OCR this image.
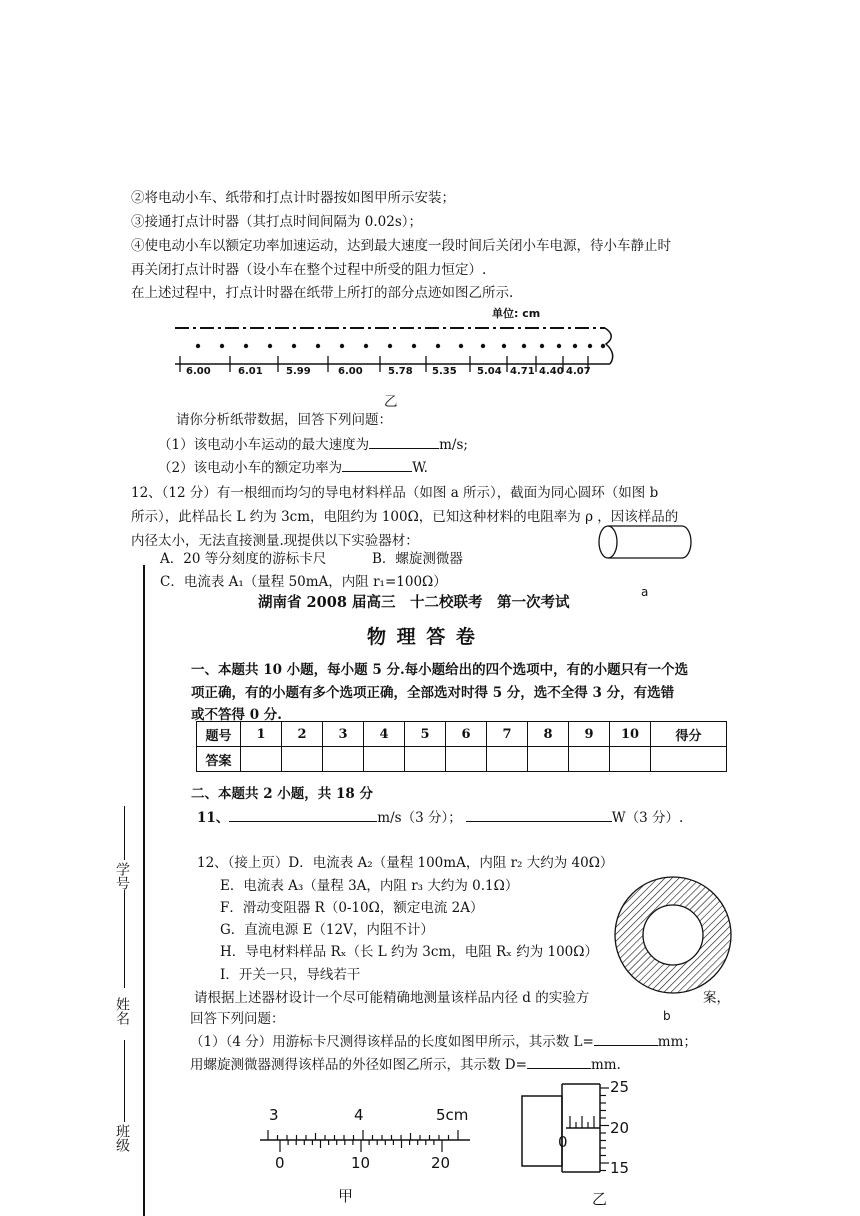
②将电动小车、纸带和打点计时器按如图甲所示安装；
③接通打点计时器（其打点时间间隔为 0.02s）；
④使电动小车以额定功率加速运动，达到最大速度一段时间后关闭小车电源，待小车静止时
再关闭打点计时器（设小车在整个过程中所受的阻力恒定）.
在上述过程中，打点计时器在纸带上所打的部分点迹如图乙所示.
单位: cm
6.00	6.01 5.99	6.00	5.78 5.35 5.04 4.71 4.40 4.07
乙
请你分析纸带数据，回答下列问题：
（1）该电动小车运动的最大速度为	m/s;
（2）该电动小车的额定功率为	W.
12、（12 分）有一根细而均匀的导电材料样品（如图 a 所示），截面为同心圆环（如图 b
所示），此样品长 L 约为 3cm，电阻约为 100Ω，已知这种材料的电阻率为 ρ ，因该样品的
内径太小，无法直接测量.现提供以下实验器材：
A．20 等分刻度的游标卡尺	B．螺旋测微器
C．电流表 A₁（量程 50mA，内阻 r₁=100Ω）
a
湖南省 2008 届高三　十二校联考　第一次考试
物 理 答 卷
一、本题共 10 小题，每小题 5 分.每小题给出的四个选项中，有的小题只有一个选
项正确，有的小题有多个选项正确，全部选对时得 5 分，选不全得 3 分，有选错
或不答得 0 分.
题号	1	2	3	4	5	6	7	8	9	10	得分
答案											
二、本题共 2 小题，共 18 分
11、	m/s（3 分）；	W（3 分）.
12、（接上页）D．电流表 A₂（量程 100mA，内阻 r₂ 大约为 40Ω）
E．电流表 A₃（量程 3A，内阻 r₃ 大约为 0.1Ω）
F．滑动变阻器 R（0-10Ω，额定电流 2A）
G．直流电源 E（12V，内阻不计）
H．导电材料样品 Rₓ（长 L 约为 3cm，电阻 Rₓ 约为 100Ω）
I．开关一只，导线若干
请根据上述器材设计一个尽可能精确地测量该样品内径 d 的实验方	案，
回答下列问题：	b
（1）（4 分）用游标卡尺测得该样品的长度如图甲所示，其示数 L=	mm；
用螺旋测微器测得该样品的外径如图乙所示，其示数 D=	mm.
3	4	5cm
0	10	20
甲
25
20
15
0
乙
学号
姓名
班级
